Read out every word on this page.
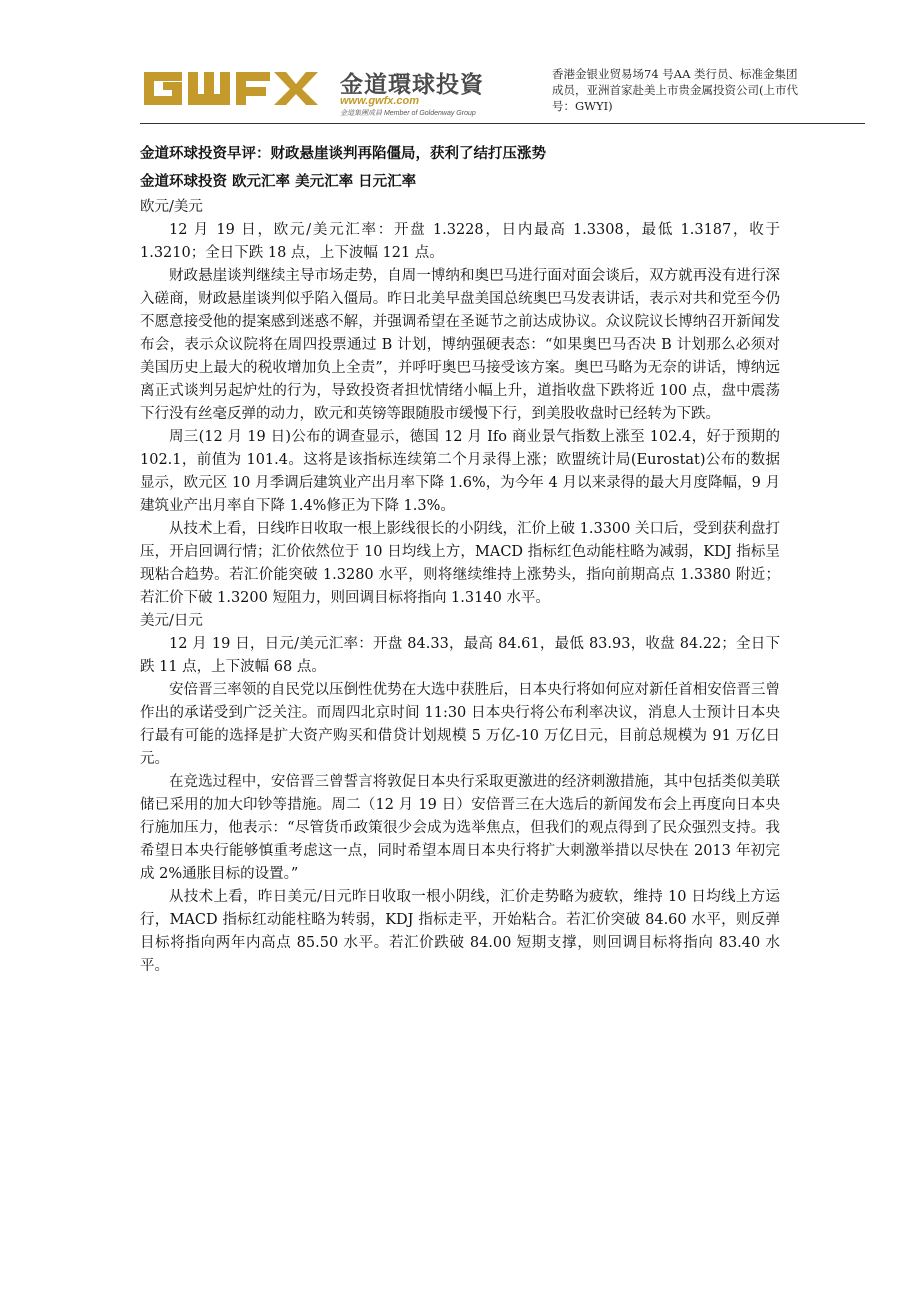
金道環球投資
www.gwfx.com
金道集團成員 Member of Goldenway Group
香港金银业贸易场74 号AA 类行员、标准金集团成员，亚洲首家赴美上市贵金属投资公司(上市代号：GWYI)

金道环球投资早评：财政悬崖谈判再陷僵局，获利了结打压涨势

金道环球投资 欧元汇率 美元汇率 日元汇率

欧元/美元

12 月 19 日，欧元/美元汇率：开盘 1.3228，日内最高 1.3308，最低 1.3187，收于 1.3210；全日下跌 18 点，上下波幅 121 点。

财政悬崖谈判继续主导市场走势，自周一博纳和奥巴马进行面对面会谈后，双方就再没有进行深入磋商，财政悬崖谈判似乎陷入僵局。昨日北美早盘美国总统奥巴马发表讲话，表示对共和党至今仍不愿意接受他的提案感到迷惑不解，并强调希望在圣诞节之前达成协议。众议院议长博纳召开新闻发布会，表示众议院将在周四投票通过 B 计划，博纳强硬表态：“如果奥巴马否决 B 计划那么必须对美国历史上最大的税收增加负上全责”，并呼吁奥巴马接受该方案。奥巴马略为无奈的讲话，博纳远离正式谈判另起炉灶的行为，导致投资者担忧情绪小幅上升，道指收盘下跌将近 100 点，盘中震荡下行没有丝毫反弹的动力，欧元和英镑等跟随股市缓慢下行，到美股收盘时已经转为下跌。

周三(12 月 19 日)公布的调查显示，德国 12 月 Ifo 商业景气指数上涨至 102.4，好于预期的 102.1，前值为 101.4。这将是该指标连续第二个月录得上涨；欧盟统计局(Eurostat)公布的数据显示，欧元区 10 月季调后建筑业产出月率下降 1.6%，为今年 4 月以来录得的最大月度降幅，9 月建筑业产出月率自下降 1.4%修正为下降 1.3%。

从技术上看，日线昨日收取一根上影线很长的小阴线，汇价上破 1.3300 关口后，受到获利盘打压，开启回调行情；汇价依然位于 10 日均线上方，MACD 指标红色动能柱略为减弱，KDJ 指标呈现粘合趋势。若汇价能突破 1.3280 水平，则将继续维持上涨势头，指向前期高点 1.3380 附近；若汇价下破 1.3200 短阻力，则回调目标将指向 1.3140 水平。

美元/日元

12 月 19 日，日元/美元汇率：开盘 84.33，最高 84.61，最低 83.93，收盘 84.22；全日下跌 11 点，上下波幅 68 点。

安倍晋三率领的自民党以压倒性优势在大选中获胜后，日本央行将如何应对新任首相安倍晋三曾作出的承诺受到广泛关注。而周四北京时间 11:30 日本央行将公布利率决议，消息人士预计日本央行最有可能的选择是扩大资产购买和借贷计划规模 5 万亿-10 万亿日元，目前总规模为 91 万亿日元。

在竞选过程中，安倍晋三曾誓言将敦促日本央行采取更激进的经济刺激措施，其中包括类似美联储已采用的加大印钞等措施。周二（12 月 19 日）安倍晋三在大选后的新闻发布会上再度向日本央行施加压力，他表示：“尽管货币政策很少会成为选举焦点，但我们的观点得到了民众强烈支持。我希望日本央行能够慎重考虑这一点，同时希望本周日本央行将扩大刺激举措以尽快在 2013 年初完成 2%通胀目标的设置。”

从技术上看，昨日美元/日元昨日收取一根小阴线，汇价走势略为疲软，维持 10 日均线上方运行，MACD 指标红动能柱略为转弱，KDJ 指标走平，开始粘合。若汇价突破 84.60 水平，则反弹目标将指向两年内高点 85.50 水平。若汇价跌破 84.00 短期支撑，则回调目标将指向 83.40 水平。
